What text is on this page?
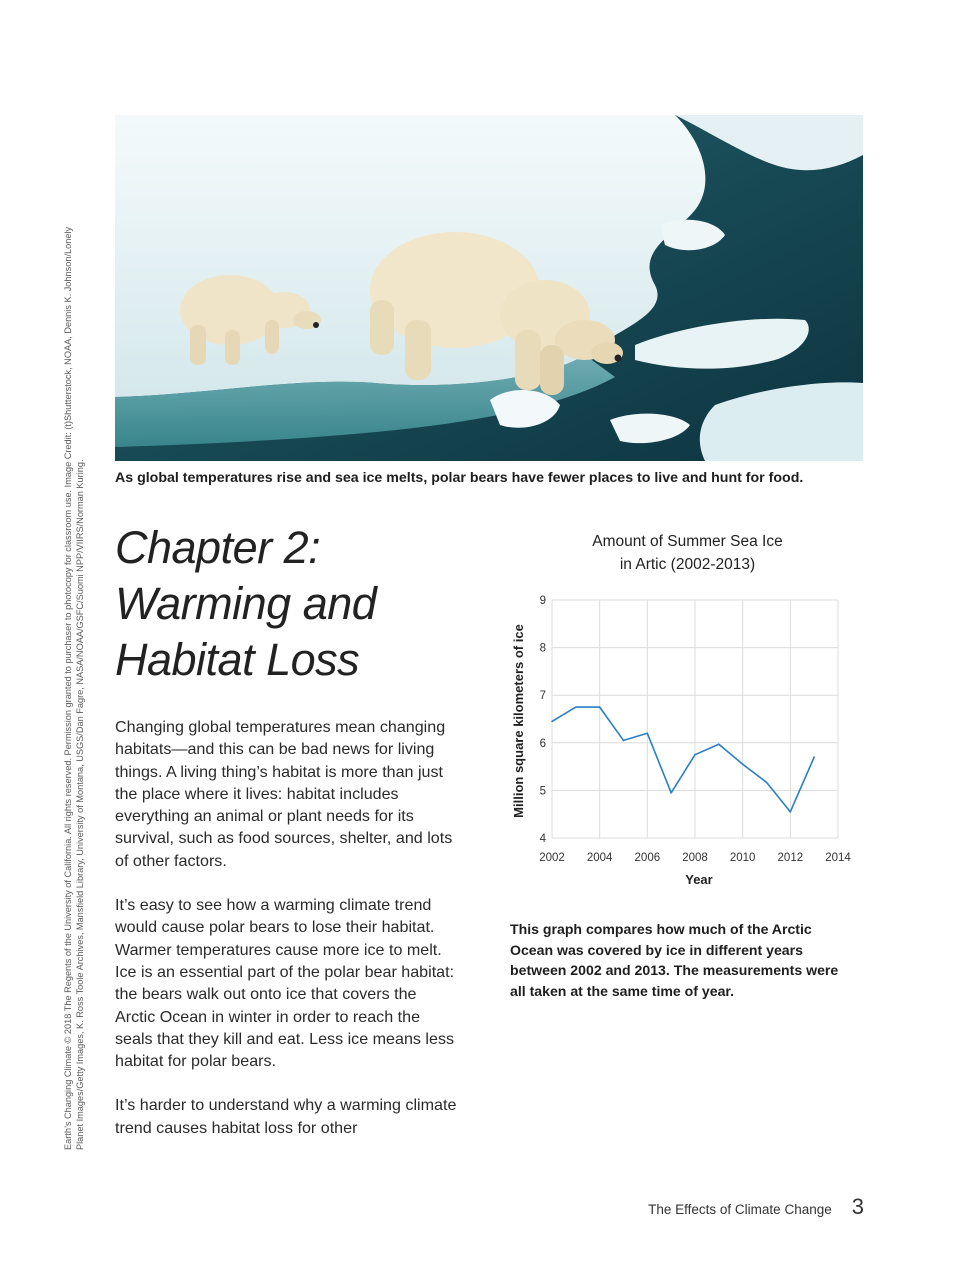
Earth’s Changing Climate © 2018 The Regents of the University of California. All rights reserved. Permission granted to purchaser to photocopy for classroom use. Image Credit: (t)Shutterstock, NOAA, Dennis K. Johnson/Lonely Planet Images/Getty Images, K. Ross Toole Archives, Mansfield Library, University of Montana, USGS/Dan Fagre, NASA/NOAA/GSFC/Suomi NPP/VIIRS/Norman Kuring. As global temperatures rise and sea ice melts, polar bears have fewer places to live and hunt for food.
Chapter 2:
Warming and
Habitat Loss

Changing global temperatures mean changing habitats—and this can be bad news for living things. A living thing’s habitat is more than just the place where it lives: habitat includes everything an animal or plant needs for its survival, such as food sources, shelter, and lots of other factors.

It’s easy to see how a warming climate trend would cause polar bears to lose their habitat. Warmer temperatures cause more ice to melt. Ice is an essential part of the polar bear habitat: the bears walk out onto ice that covers the Arctic Ocean in winter in order to reach the seals that they kill and eat. Less ice means less habitat for polar bears.

It’s harder to understand why a warming climate trend causes habitat loss for other

Amount of Summer Sea Ice
in Artic (2002-2013)
2002 2004 2006 2008 2010 2012 2014
4
5
6
7
8
9
Year
Million square kilometers of ice
This graph compares how much of the Arctic Ocean was covered by ice in different years between 2002 and 2013. The measurements were all taken at the same time of year.
The Effects of Climate Change 3
